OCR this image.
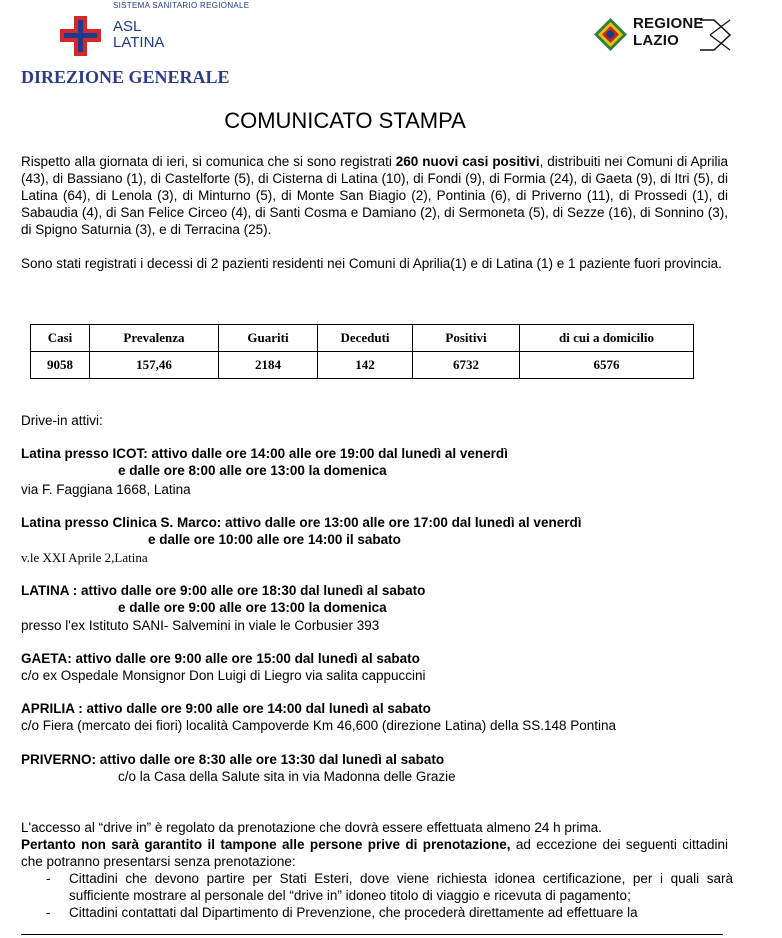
SISTEMA SANITARIO REGIONALE
ASL
LATINA
REGIONE
LAZIO
DIREZIONE GENERALE
COMUNICATO STAMPA
Rispetto alla giornata di ieri, si comunica che si sono registrati 260 nuovi casi positivi, distribuiti nei Comuni di Aprilia (43), di Bassiano (1), di Castelforte (5), di Cisterna di Latina (10), di Fondi (9), di Formia (24), di Gaeta (9), di Itri (5), di Latina (64), di Lenola (3), di Minturno (5), di Monte San Biagio (2), Pontinia (6), di Priverno (11), di Prossedi (1), di Sabaudia (4), di San Felice Circeo (4), di Santi Cosma e Damiano (2), di Sermoneta (5), di Sezze (16), di Sonnino (3), di Spigno Saturnia (3), e di Terracina (25).
Sono stati registrati i decessi di 2 pazienti residenti nei Comuni di Aprilia(1) e di Latina (1) e 1 paziente fuori provincia.
Casi	Prevalenza	Guariti	Deceduti	Positivi	di cui a domicilio
9058	157,46	2184	142	6732	6576
Drive-in attivi:
Latina presso ICOT: attivo dalle ore 14:00 alle ore 19:00 dal lunedì al venerdì
e dalle ore 8:00 alle ore 13:00 la domenica
via F. Faggiana 1668, Latina
Latina presso Clinica S. Marco: attivo dalle ore 13:00 alle ore 17:00 dal lunedì al venerdì
e dalle ore 10:00 alle ore 14:00 il sabato
v.le XXI Aprile 2,Latina
LATINA : attivo dalle ore 9:00 alle ore 18:30 dal lunedì al sabato
e dalle ore 9:00 alle ore 13:00 la domenica
presso l'ex Istituto SANI- Salvemini in viale le Corbusier 393
GAETA: attivo dalle ore 9:00 alle ore 15:00 dal lunedì al sabato
c/o ex Ospedale Monsignor Don Luigi di Liegro via salita cappuccini
APRILIA : attivo dalle ore 9:00 alle ore 14:00 dal lunedì al sabato
c/o Fiera (mercato dei fiori) località Campoverde Km 46,600 (direzione Latina) della SS.148 Pontina
PRIVERNO: attivo dalle ore 8:30 alle ore 13:30 dal lunedì al sabato
c/o la Casa della Salute sita in via Madonna delle Grazie
L'accesso al “drive in” è regolato da prenotazione che dovrà essere effettuata almeno 24 h prima.
Pertanto non sarà garantito il tampone alle persone prive di prenotazione, ad eccezione dei seguenti cittadini che potranno presentarsi senza prenotazione:
- Cittadini che devono partire per Stati Esteri, dove viene richiesta idonea certificazione, per i quali sarà sufficiente mostrare al personale del “drive in” idoneo titolo di viaggio e ricevuta di pagamento;
- Cittadini contattati dal Dipartimento di Prevenzione, che procederà direttamente ad effettuare la
